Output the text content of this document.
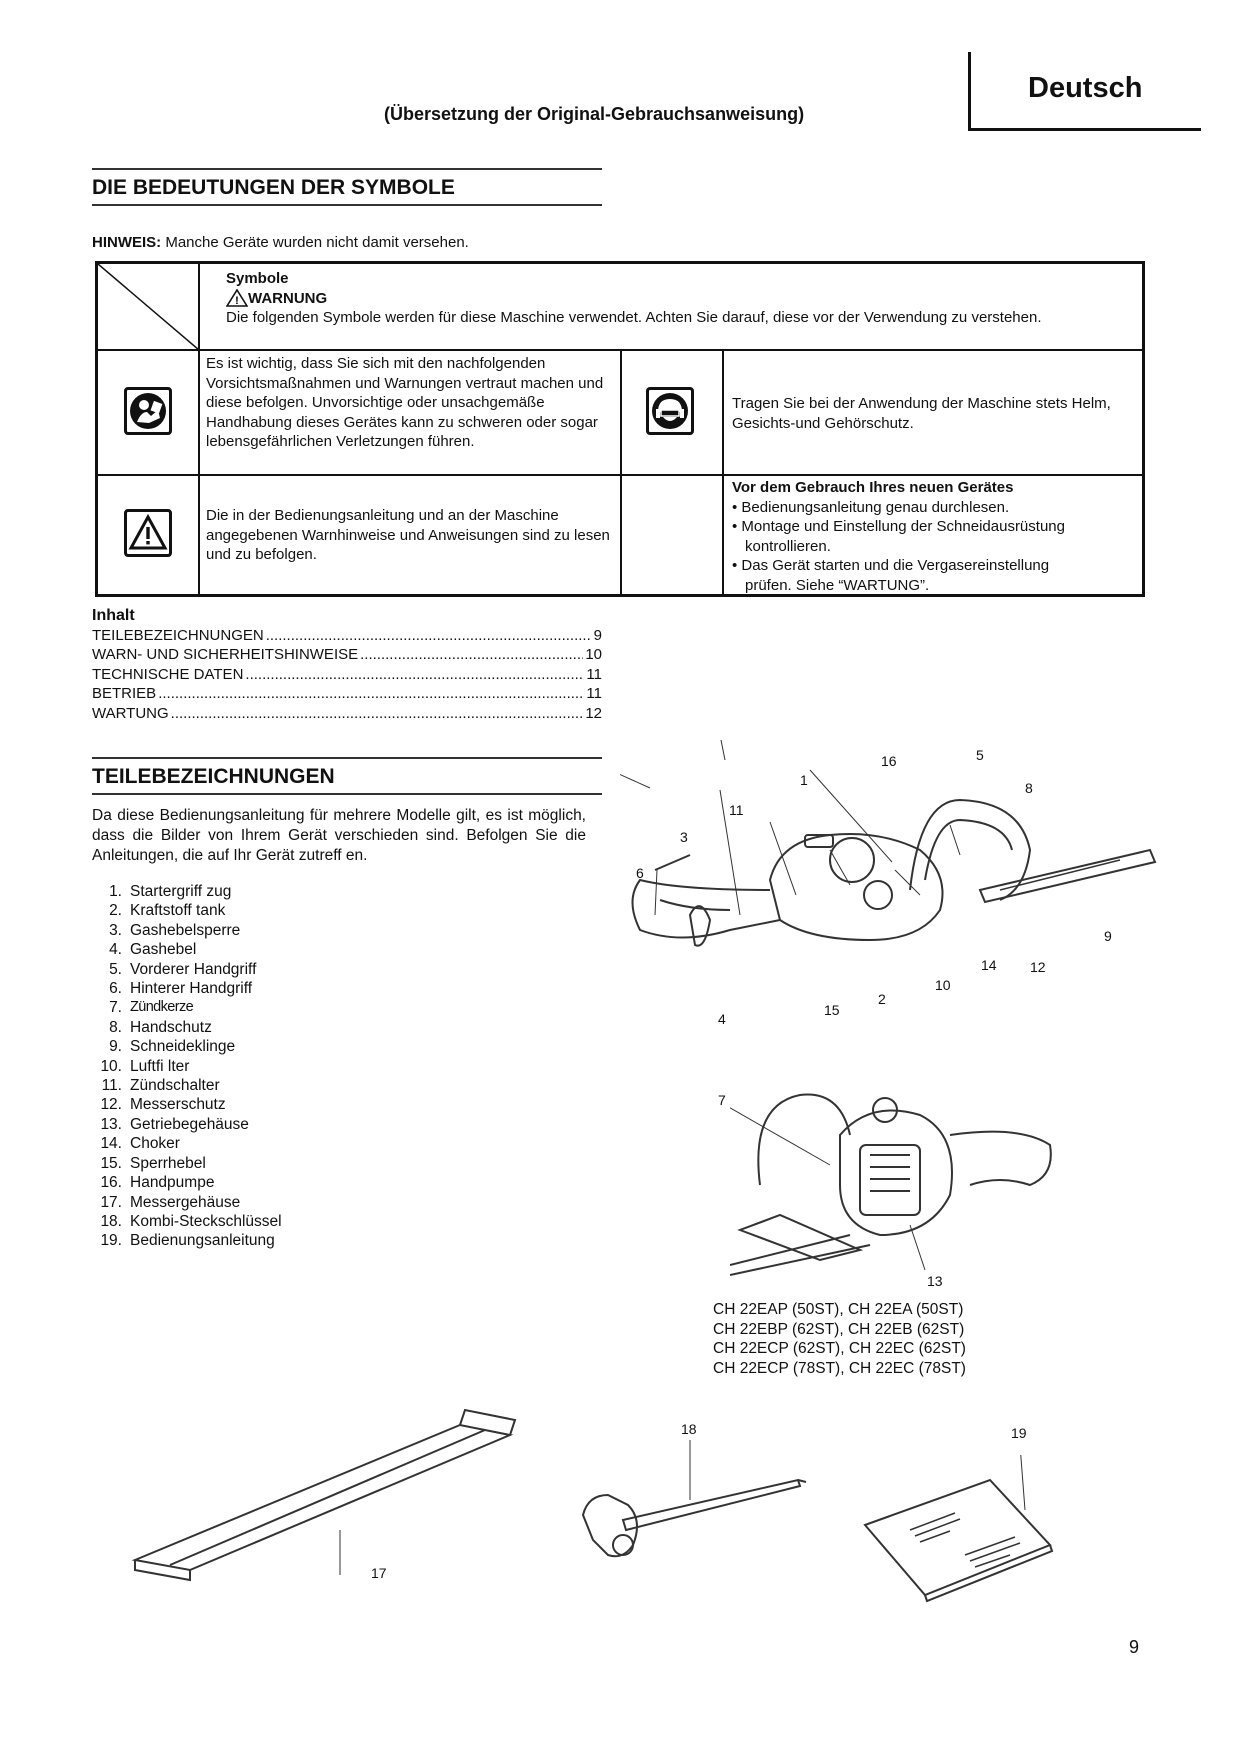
Deutsch
(Übersetzung der Original-Gebrauchsanweisung)
DIE BEDEUTUNGEN DER SYMBOLE
HINWEIS: Manche Geräte wurden nicht damit versehen.
Symbole
! WARNUNG
Die folgenden Symbole werden für diese Maschine verwendet. Achten Sie darauf, diese vor der Verwendung zu verstehen.
Es ist wichtig, dass Sie sich mit den nachfolgenden Vorsichtsmaßnahmen und Warnungen vertraut machen und diese befolgen. Unvorsichtige oder unsachgemäße Handhabung dieses Gerätes kann zu schweren oder sogar lebensgefährlichen Verletzungen führen.
Tragen Sie bei der Anwendung der Maschine stets Helm, Gesichts-und Gehörschutz.
Die in der Bedienungsanleitung und an der Maschine angegebenen Warnhinweise und Anweisungen sind zu lesen und zu befolgen.
Vor dem Gebrauch Ihres neuen Gerätes
• Bedienungsanleitung genau durchlesen.
• Montage und Einstellung der Schneidausrüstung
kontrollieren.
• Das Gerät starten und die Vergasereinstellung
prüfen. Siehe “WARTUNG”.
Inhalt
TEILEBEZEICHNUNGEN .....	9
WARN- UND SICHERHEITSHINWEISE .....	10
TECHNISCHE DATEN .....	11
BETRIEB .....	11
WARTUNG .....	12
TEILEBEZEICHNUNGEN
Da diese Bedienungsanleitung für mehrere Modelle gilt, es ist möglich, dass die Bilder von Ihrem Gerät verschieden sind. Befolgen Sie die Anleitungen, die auf Ihr Gerät zutreff en.
1. Startergriff zug
2. Kraftstoff tank
3. Gashebelsperre
4. Gashebel
5. Vorderer Handgriff
6. Hinterer Handgriff
7. Zündkerze
8. Handschutz
9. Schneideklinge
10. Luftfi lter
11. Zündschalter
12. Messerschutz
13. Getriebegehäuse
14. Choker
15. Sperrhebel
16. Handpumpe
17. Messergehäuse
18. Kombi-Steckschlüssel
19. Bedienungsanleitung
1
16	5
8
11
3
6
9
14 12
10
2
15
4
7
13
18	19
17
CH 22EAP (50ST), CH 22EA (50ST)
CH 22EBP (62ST), CH 22EB (62ST)
CH 22ECP (62ST), CH 22EC (62ST)
CH 22ECP (78ST), CH 22EC (78ST)
9
